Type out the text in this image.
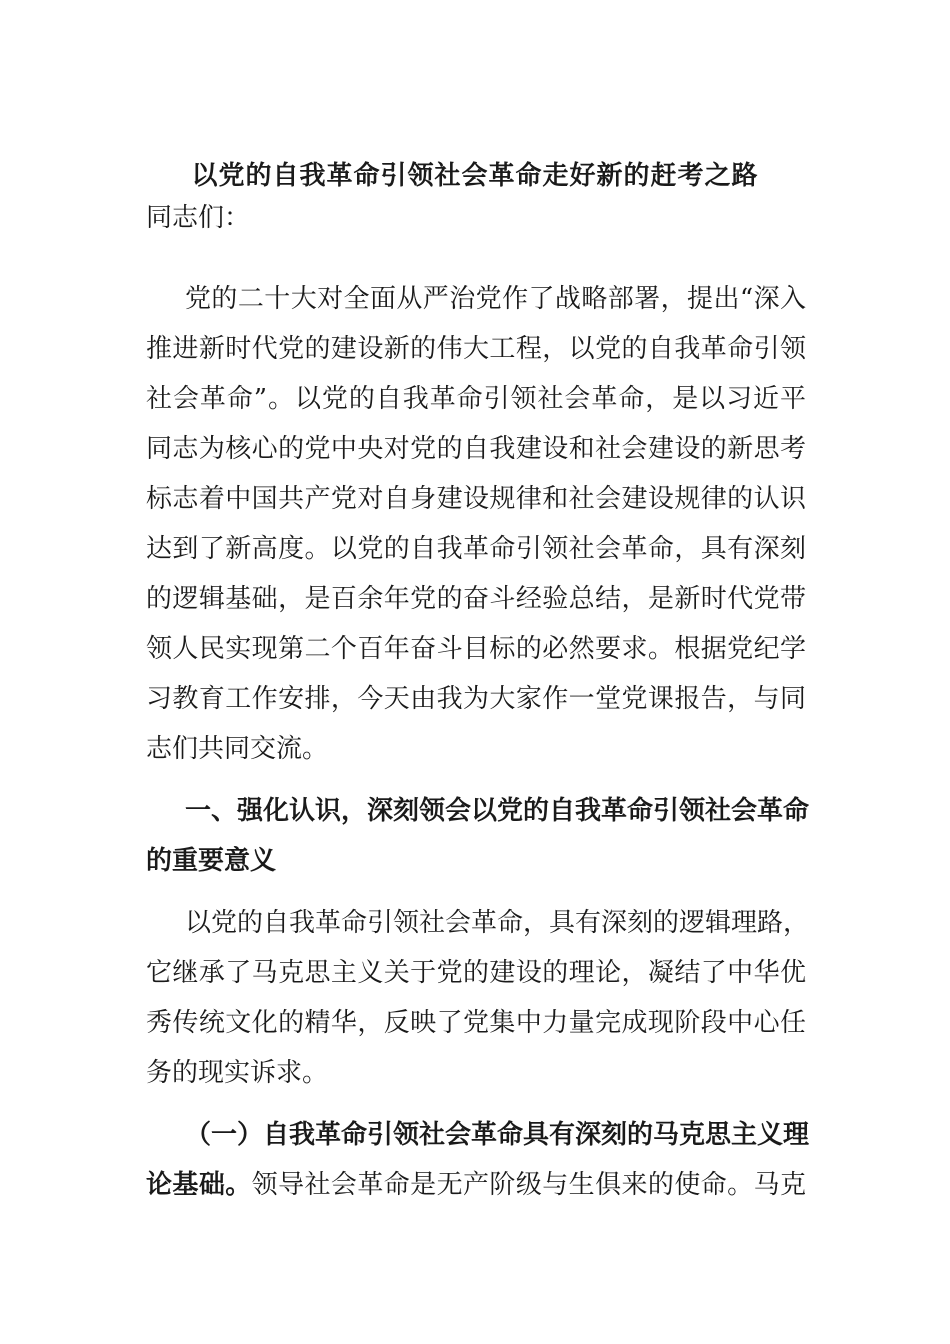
以党的自我革命引领社会革命走好新的赶考之路

同志们：

党的二十大对全面从严治党作了战略部署，提出“深入

推进新时代党的建设新的伟大工程，以党的自我革命引领

社会革命”。以党的自我革命引领社会革命，是以习近平

同志为核心的党中央对党的自我建设和社会建设的新思考

标志着中国共产党对自身建设规律和社会建设规律的认识

达到了新高度。以党的自我革命引领社会革命，具有深刻

的逻辑基础，是百余年党的奋斗经验总结，是新时代党带

领人民实现第二个百年奋斗目标的必然要求。根据党纪学

习教育工作安排，今天由我为大家作一堂党课报告，与同

志们共同交流。

一、强化认识，深刻领会以党的自我革命引领社会革命

的重要意义

以党的自我革命引领社会革命，具有深刻的逻辑理路，

它继承了马克思主义关于党的建设的理论，凝结了中华优

秀传统文化的精华，反映了党集中力量完成现阶段中心任

务的现实诉求。

（一）自我革命引领社会革命具有深刻的马克思主义理

论基础。领导社会革命是无产阶级与生俱来的使命。马克
